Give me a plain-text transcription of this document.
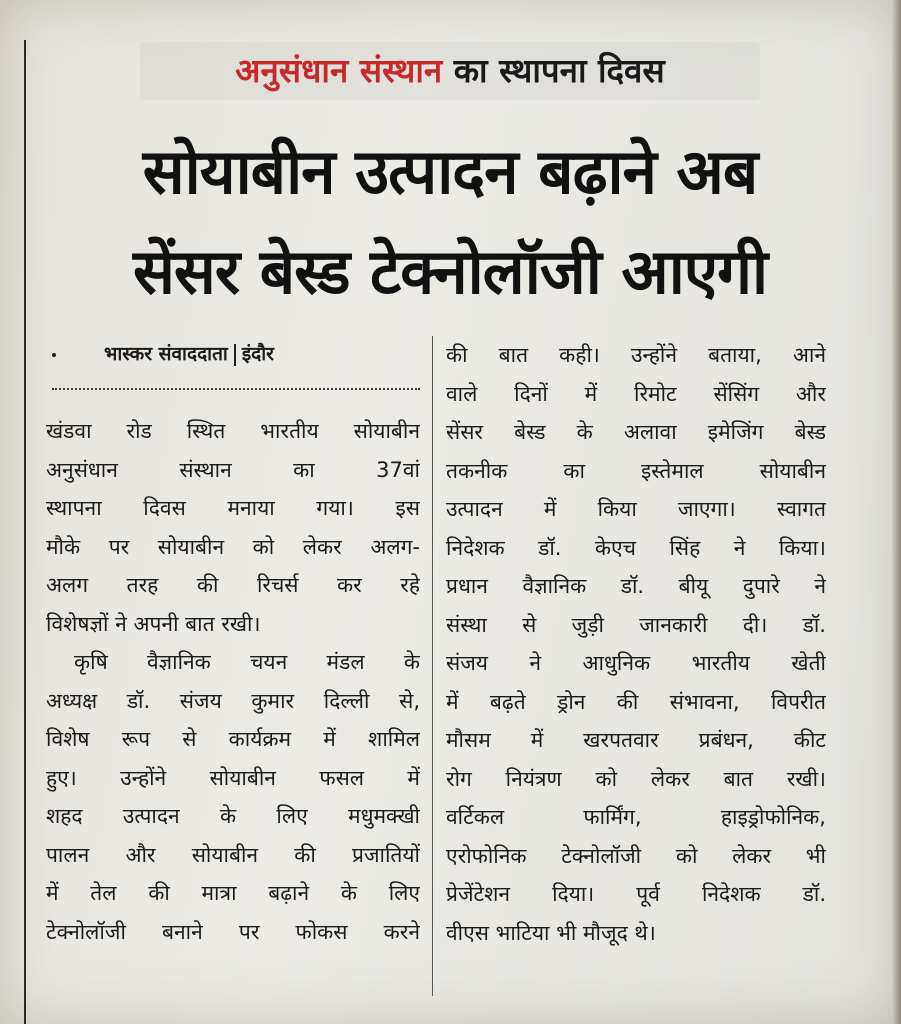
अनुसंधान संस्थान का स्थापना दिवस
सोयाबीन उत्पादन बढ़ाने अब
सेंसर बेस्ड टेक्नोलॉजी आएगी
भास्कर संवाददाता इंदौर
खंडवा रोड स्थित भारतीय सोयाबीन
अनुसंधान संस्थान का 37वां
स्थापना दिवस मनाया गया। इस
मौके पर सोयाबीन को लेकर अलग-
अलग तरह की रिचर्स कर रहे
विशेषज्ञों ने अपनी बात रखी।
कृषि वैज्ञानिक चयन मंडल के
अध्यक्ष डॉ. संजय कुमार दिल्ली से,
विशेष रूप से कार्यक्रम में शामिल
हुए। उन्होंने सोयाबीन फसल में
शहद उत्पादन के लिए मधुमक्खी
पालन और सोयाबीन की प्रजातियों
में तेल की मात्रा बढ़ाने के लिए
टेक्नोलॉजी बनाने पर फोकस करने
की बात कही। उन्होंने बताया, आने
वाले दिनों में रिमोट सेंसिंग और
सेंसर बेस्ड के अलावा इमेजिंग बेस्ड
तकनीक का इस्तेमाल सोयाबीन
उत्पादन में किया जाएगा। स्वागत
निदेशक डॉ. केएच सिंह ने किया।
प्रधान वैज्ञानिक डॉ. बीयू दुपारे ने
संस्था से जुड़ी जानकारी दी। डॉ.
संजय ने आधुनिक भारतीय खेती
में बढ़ते ड्रोन की संभावना, विपरीत
मौसम में खरपतवार प्रबंधन, कीट
रोग नियंत्रण को लेकर बात रखी।
वर्टिकल फार्मिंग, हाइड्रोफोनिक,
एरोफोनिक टेक्नोलॉजी को लेकर भी
प्रेजेंटेशन दिया। पूर्व निदेशक डॉ.
वीएस भाटिया भी मौजूद थे।
